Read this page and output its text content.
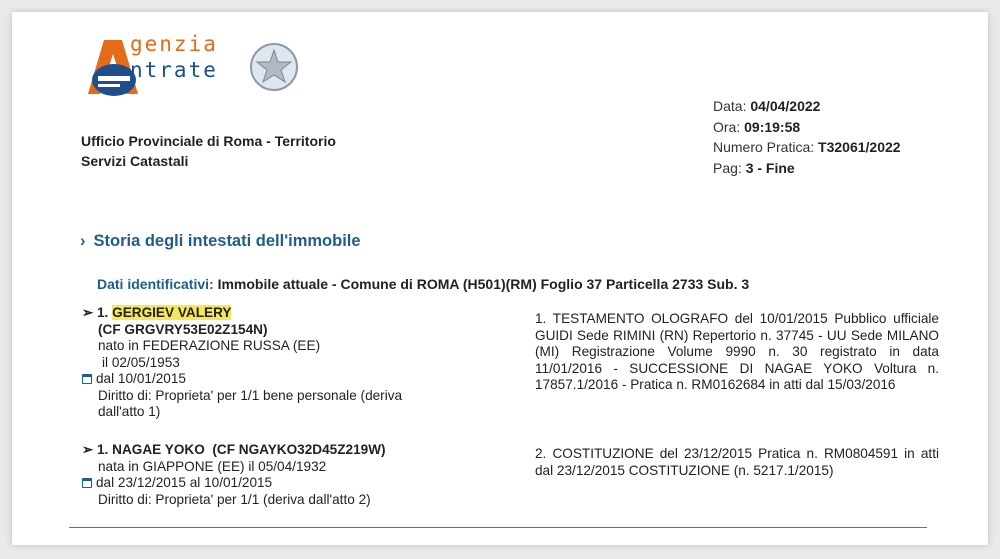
genzia
ntrate
Ufficio Provinciale di Roma - Territorio
Servizi Catastali
Data: 04/04/2022
Ora: 09:19:58
Numero Pratica: T32061/2022
Pag: 3 - Fine
› Storia degli intestati dell'immobile
Dati identificativi: Immobile attuale - Comune di ROMA (H501)(RM) Foglio 37 Particella 2733 Sub. 3
➢ 1. GERGIEV VALERY
(CF GRGVRY53E02Z154N)
nato in FEDERAZIONE RUSSA (EE)
il 02/05/1953
dal 10/01/2015
Diritto di: Proprieta' per 1/1 bene personale (deriva
dall'atto 1)
➢ 1. NAGAE YOKO (CF NGAYKO32D45Z219W)
nata in GIAPPONE (EE) il 05/04/1932
dal 23/12/2015 al 10/01/2015
Diritto di: Proprieta' per 1/1 (deriva dall'atto 2)
1. TESTAMENTO OLOGRAFO del 10/01/2015 Pubblico ufficiale GUIDI Sede RIMINI (RN) Repertorio n. 37745 - UU Sede MILANO (MI) Registrazione Volume 9990 n. 30 registrato in data 11/01/2016 - SUCCESSIONE DI NAGAE YOKO Voltura n. 17857.1/2016 - Pratica n. RM0162684 in atti dal 15/03/2016
2. COSTITUZIONE del 23/12/2015 Pratica n. RM0804591 in atti dal 23/12/2015 COSTITUZIONE (n. 5217.1/2015)
